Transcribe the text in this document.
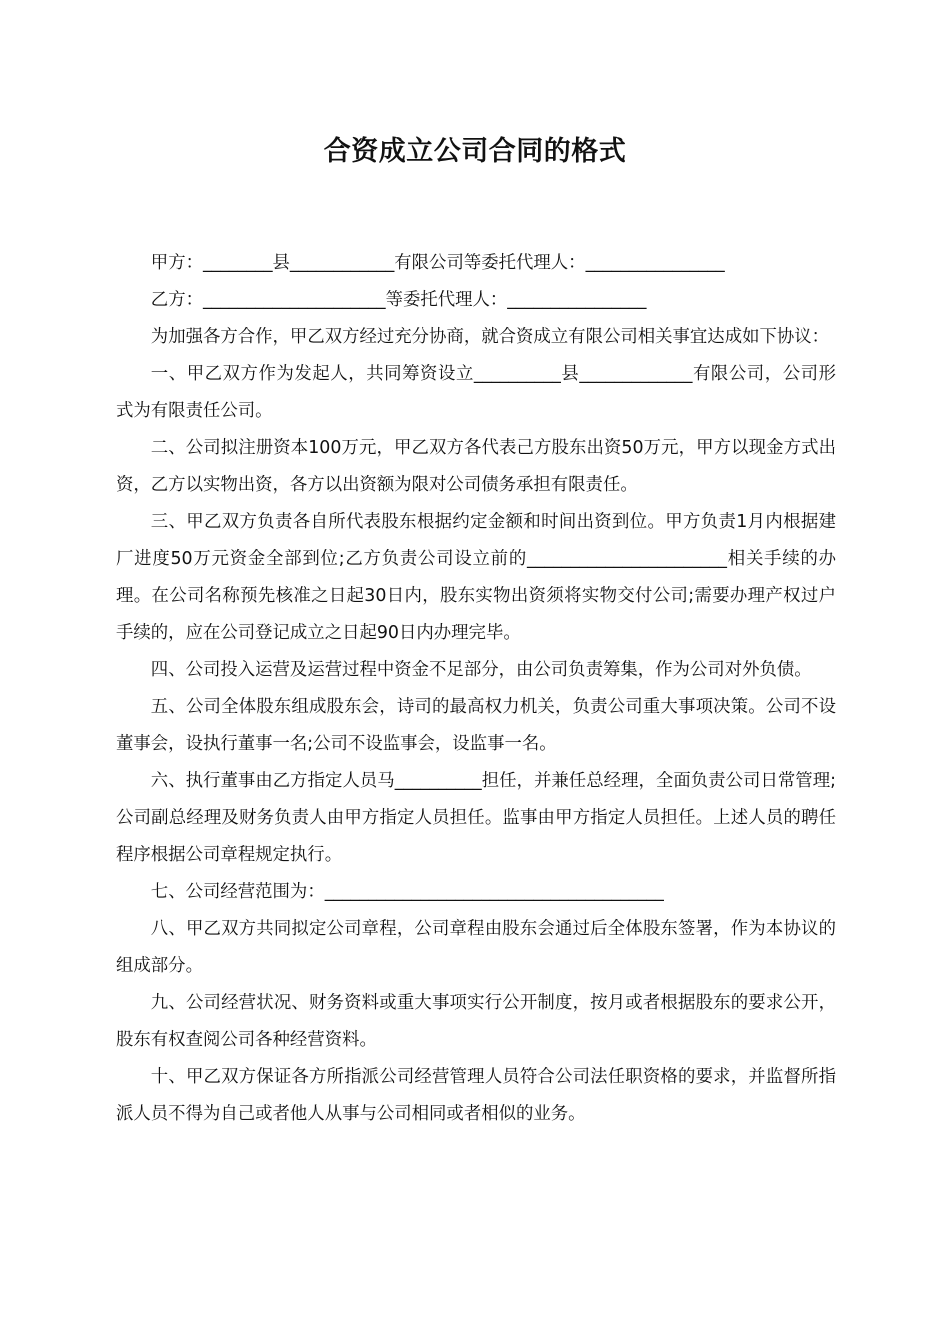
合资成立公司合同的格式

甲方：________县____________有限公司等委托代理人：________________

乙方：_____________________等委托代理人：________________

为加强各方合作，甲乙双方经过充分协商，就合资成立有限公司相关事宜达成如下协议：

一、甲乙双方作为发起人，共同筹资设立__________县_____________有限公司，公司形式为有限责任公司。

二、公司拟注册资本100万元，甲乙双方各代表己方股东出资50万元，甲方以现金方式出资，乙方以实物出资，各方以出资额为限对公司债务承担有限责任。

三、甲乙双方负责各自所代表股东根据约定金额和时间出资到位。甲方负责1月内根据建厂进度50万元资金全部到位;乙方负责公司设立前的_______________________相关手续的办理。在公司名称预先核准之日起30日内，股东实物出资须将实物交付公司;需要办理产权过户手续的，应在公司登记成立之日起90日内办理完毕。

四、公司投入运营及运营过程中资金不足部分，由公司负责筹集，作为公司对外负债。

五、公司全体股东组成股东会，诗司的最高权力机关，负责公司重大事项决策。公司不设董事会，设执行董事一名;公司不设监事会，设监事一名。

六、执行董事由乙方指定人员马__________担任，并兼任总经理，全面负责公司日常管理;公司副总经理及财务负责人由甲方指定人员担任。监事由甲方指定人员担任。上述人员的聘任程序根据公司章程规定执行。

七、公司经营范围为：_______________________________________

八、甲乙双方共同拟定公司章程，公司章程由股东会通过后全体股东签署，作为本协议的组成部分。

九、公司经营状况、财务资料或重大事项实行公开制度，按月或者根据股东的要求公开，股东有权查阅公司各种经营资料。

十、甲乙双方保证各方所指派公司经营管理人员符合公司法任职资格的要求，并监督所指派人员不得为自己或者他人从事与公司相同或者相似的业务。
